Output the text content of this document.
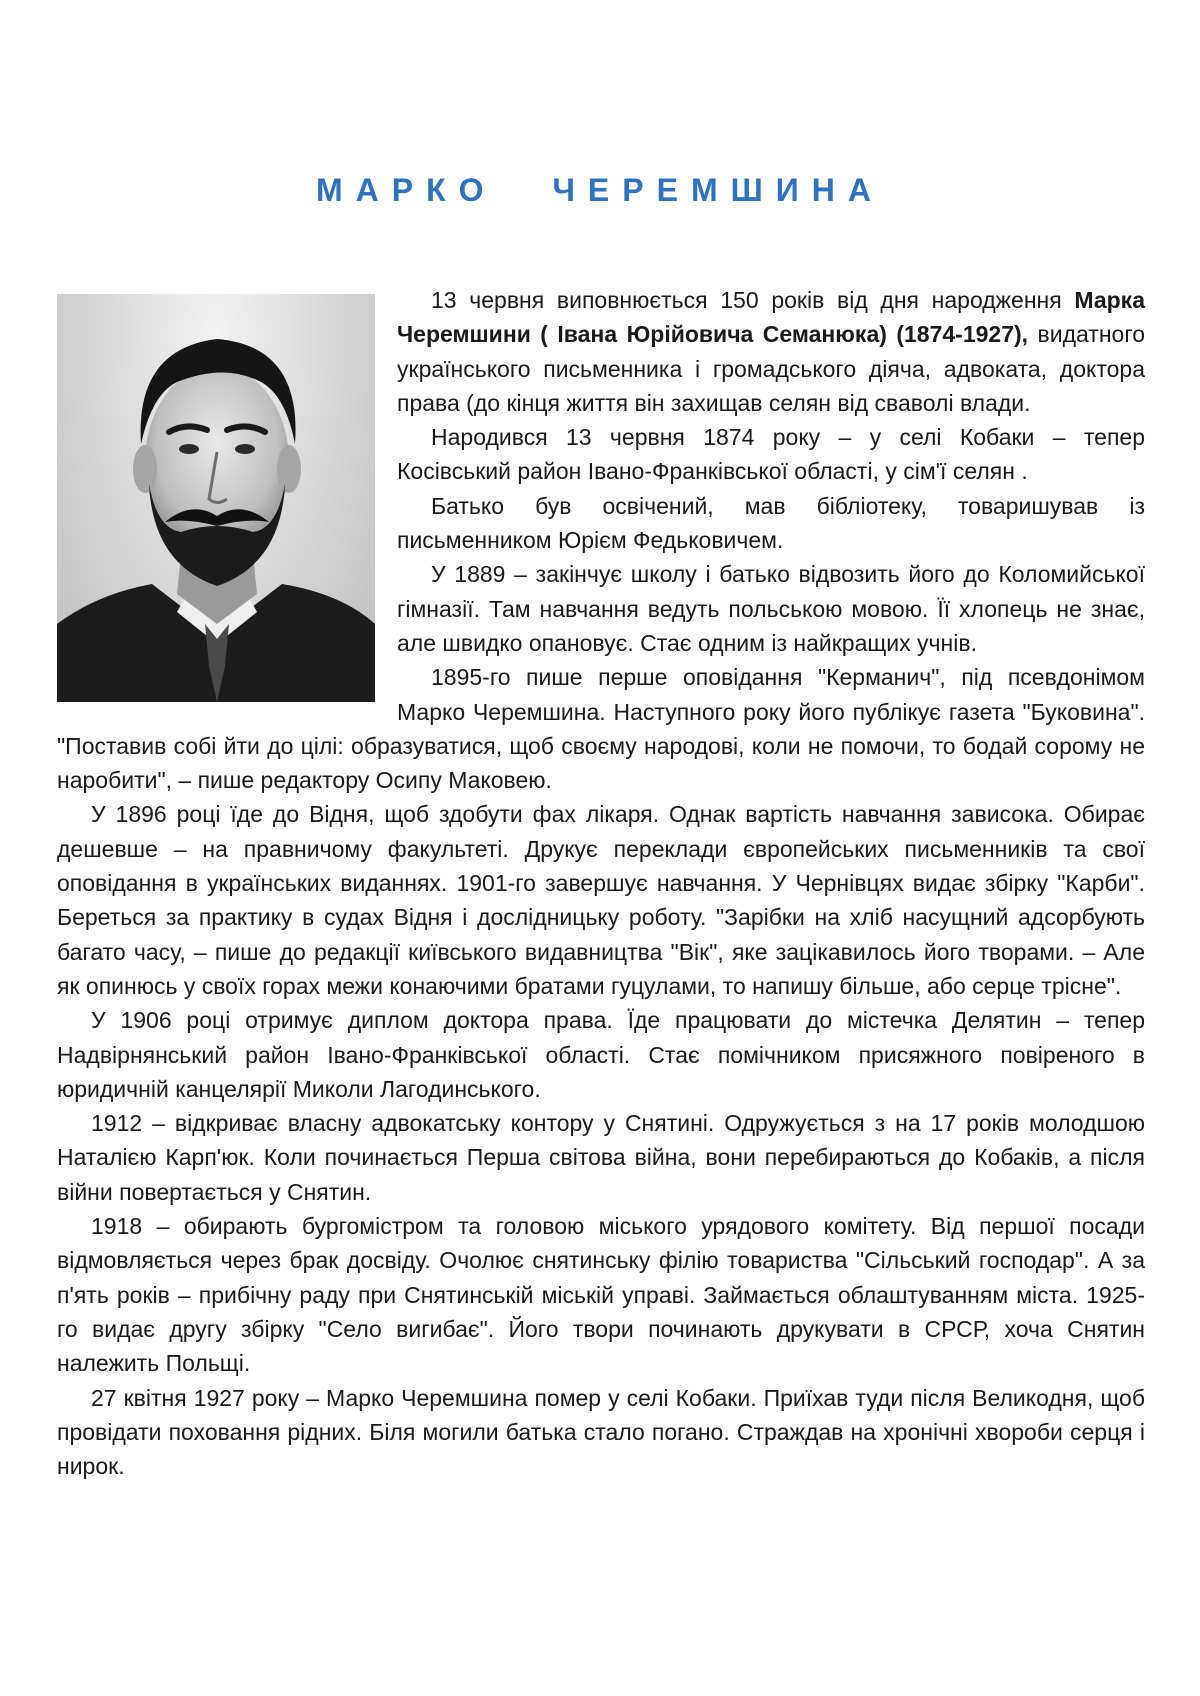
МАРКО ЧЕРЕМШИНА

13 червня виповнюється 150 років від дня народження Марка Черемшини ( Івана Юрійовича Семанюка) (1874-1927), видатного українського письменника і громадського діяча, адвоката, доктора права (до кінця життя він захищав селян від сваволі влади.

Народився 13 червня 1874 року – у селі Кобаки – тепер Косівський район Івано-Франківської області, у сім'ї селян .

Батько був освічений, мав бібліотеку, товаришував із письменником Юрієм Федьковичем.

У 1889 – закінчує школу і батько відвозить його до Коломийської гімназії. Там навчання ведуть польською мовою. Її хлопець не знає, але швидко опановує. Стає одним із найкращих учнів.

1895-го пише перше оповідання "Керманич", під псевдонімом Марко Черемшина. Наступного року його публікує газета "Буковина". "Поставив собі йти до цілі: образуватися, щоб своєму народові, коли не помочи, то бодай сорому не наробити", – пише редактору Осипу Маковею.

У 1896 році їде до Відня, щоб здобути фах лікаря. Однак вартість навчання зависока. Обирає дешевше – на правничому факультеті. Друкує переклади європейських письменників та свої оповідання в українських виданнях. 1901-го завершує навчання. У Чернівцях видає збірку "Карби". Береться за практику в судах Відня і дослідницьку роботу. "Зарібки на хліб насущний адсорбують багато часу, – пише до редакції київського видавництва "Вік", яке зацікавилось його творами. – Але як опинюсь у своїх горах межи конаючими братами гуцулами, то напишу більше, або серце трісне".

У 1906 році отримує диплом доктора права. Їде працювати до містечка Делятин – тепер Надвірнянський район Івано-Франківської області. Стає помічником присяжного повіреного в юридичній канцелярії Миколи Лагодинського.

1912 – відкриває власну адвокатську контору у Снятині. Одружується з на 17 років молодшою Наталією Карп'юк. Коли починається Перша світова війна, вони перебираються до Кобаків, а після війни повертається у Снятин.

1918 – обирають бургомістром та головою міського урядового комітету. Від першої посади відмовляється через брак досвіду. Очолює снятинську філію товариства "Сільський господар". А за п'ять років – прибічну раду при Снятинській міській управі. Займається облаштуванням міста. 1925-го видає другу збірку "Село вигибає". Його твори починають друкувати в СРСР, хоча Снятин належить Польщі.

27 квітня 1927 року – Марко Черемшина помер у селі Кобаки. Приїхав туди після Великодня, щоб провідати поховання рідних. Біля могили батька стало погано. Страждав на хронічні хвороби серця і нирок.
